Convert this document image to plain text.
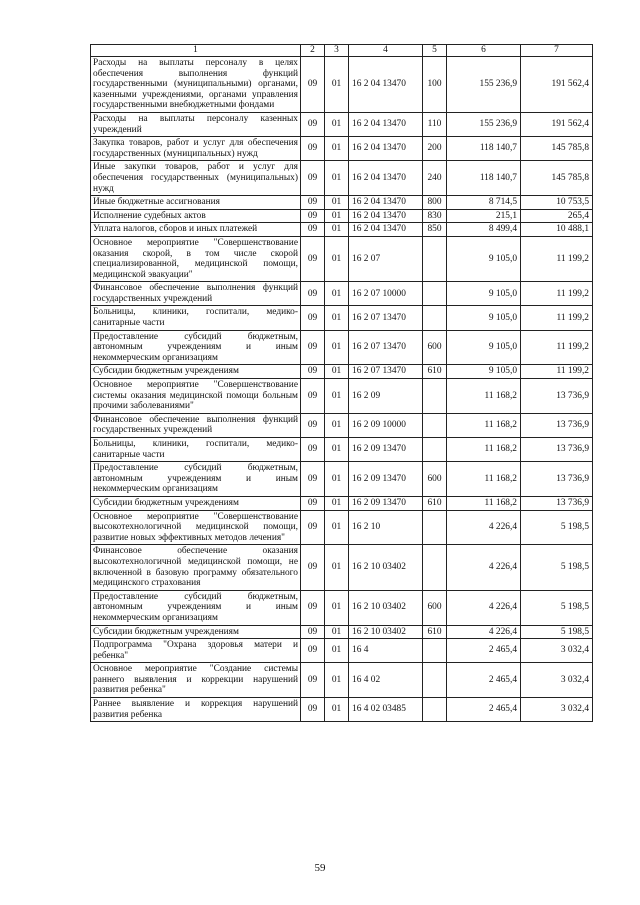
1	2	3	4	5	6	7
Расходы на выплаты персоналу в целях обеспечения выполнения функций государственными (муниципальными) органами, казенными учреждениями, органами управления государственными внебюджетными фондами	09	01	16 2 04 13470	100	155 236,9	191 562,4
Расходы на выплаты персоналу казенных учреждений	09	01	16 2 04 13470	110	155 236,9	191 562,4
Закупка товаров, работ и услуг для обеспечения государственных (муниципальных) нужд	09	01	16 2 04 13470	200	118 140,7	145 785,8
Иные закупки товаров, работ и услуг для обеспечения государственных (муниципальных) нужд	09	01	16 2 04 13470	240	118 140,7	145 785,8
Иные бюджетные ассигнования	09	01	16 2 04 13470	800	8 714,5	10 753,5
Исполнение судебных актов	09	01	16 2 04 13470	830	215,1	265,4
Уплата налогов, сборов и иных платежей	09	01	16 2 04 13470	850	8 499,4	10 488,1
Основное мероприятие "Совершенствование оказания скорой, в том числе скорой специализированной, медицинской помощи, медицинской эвакуации"	09	01	16 2 07		9 105,0	11 199,2
Финансовое обеспечение выполнения функций государственных учреждений	09	01	16 2 07 10000		9 105,0	11 199,2
Больницы, клиники, госпитали, медико-санитарные части	09	01	16 2 07 13470		9 105,0	11 199,2
Предоставление субсидий бюджетным, автономным учреждениям и иным некоммерческим организациям	09	01	16 2 07 13470	600	9 105,0	11 199,2
Субсидии бюджетным учреждениям	09	01	16 2 07 13470	610	9 105,0	11 199,2
Основное мероприятие "Совершенствование системы оказания медицинской помощи больным прочими заболеваниями"	09	01	16 2 09		11 168,2	13 736,9
Финансовое обеспечение выполнения функций государственных учреждений	09	01	16 2 09 10000		11 168,2	13 736,9
Больницы, клиники, госпитали, медико-санитарные части	09	01	16 2 09 13470		11 168,2	13 736,9
Предоставление субсидий бюджетным, автономным учреждениям и иным некоммерческим организациям	09	01	16 2 09 13470	600	11 168,2	13 736,9
Субсидии бюджетным учреждениям	09	01	16 2 09 13470	610	11 168,2	13 736,9
Основное мероприятие "Совершенствование высокотехнологичной медицинской помощи, развитие новых эффективных методов лечения"	09	01	16 2 10		4 226,4	5 198,5
Финансовое обеспечение оказания высокотехнологичной медицинской помощи, не включенной в базовую программу обязательного медицинского страхования	09	01	16 2 10 03402		4 226,4	5 198,5
Предоставление субсидий бюджетным, автономным учреждениям и иным некоммерческим организациям	09	01	16 2 10 03402	600	4 226,4	5 198,5
Субсидии бюджетным учреждениям	09	01	16 2 10 03402	610	4 226,4	5 198,5
Подпрограмма "Охрана здоровья матери и ребенка"	09	01	16 4		2 465,4	3 032,4
Основное мероприятие "Создание системы раннего выявления и коррекции нарушений развития ребенка"	09	01	16 4 02		2 465,4	3 032,4
Раннее выявление и коррекция нарушений развития ребенка	09	01	16 4 02 03485		2 465,4	3 032,4
59
